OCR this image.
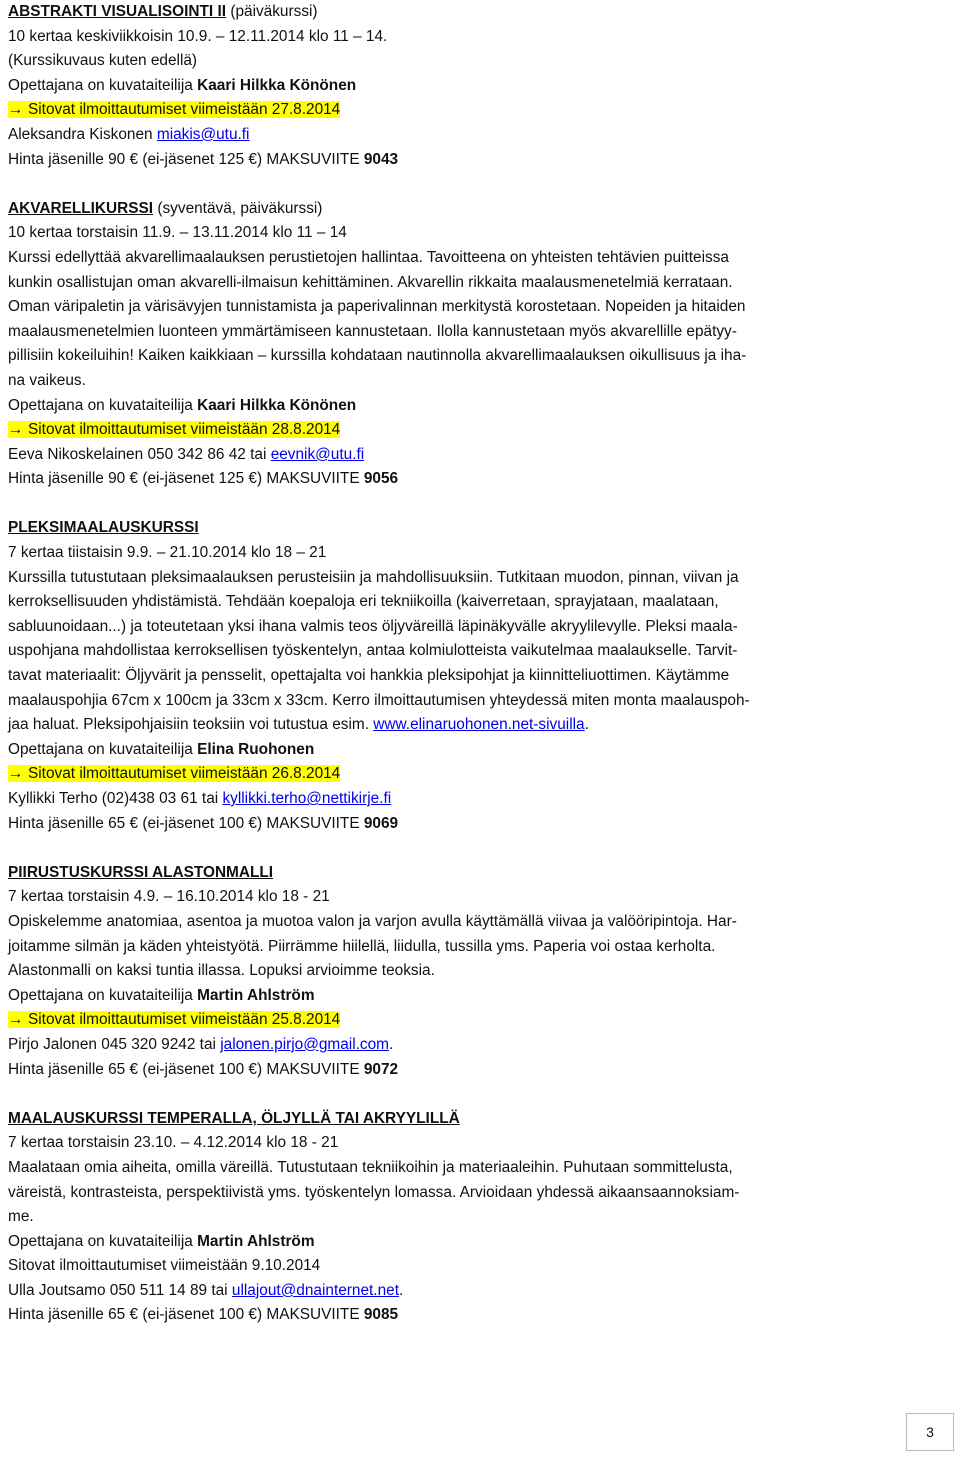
ABSTRAKTI VISUALISOINTI II (päiväkurssi)
10 kertaa keskiviikkoisin 10.9. – 12.11.2014 klo 11 – 14.
(Kurssikuvaus kuten edellä)
Opettajana on kuvataiteilija Kaari Hilkka Könönen
→ Sitovat ilmoittautumiset viimeistään 27.8.2014
Aleksandra Kiskonen miakis@utu.fi
Hinta jäsenille 90 € (ei-jäsenet 125 €) MAKSUVIITE 9043
AKVARELLIKURSSI (syventävä, päiväkurssi)
10 kertaa torstaisin 11.9. – 13.11.2014 klo 11 – 14
Kurssi edellyttää akvarellimaalauksen perustietojen hallintaa. Tavoitteena on yhteisten tehtävien puitteissa
kunkin osallistujan oman akvarelli-ilmaisun kehittäminen. Akvarellin rikkaita maalausmenetelmiä kerrataan.
Oman väripaletin ja värisävyjen tunnistamista ja paperivalinnan merkitystä korostetaan. Nopeiden ja hitaiden
maalausmenetelmien luonteen ymmärtämiseen kannustetaan. Ilolla kannustetaan myös akvarellille epätyy-
pillisiin kokeiluihin! Kaiken kaikkiaan – kurssilla kohdataan nautinnolla akvarellimaalauksen oikullisuus ja iha-
na vaikeus.
Opettajana on kuvataiteilija Kaari Hilkka Könönen
→ Sitovat ilmoittautumiset viimeistään 28.8.2014
Eeva Nikoskelainen 050 342 86 42 tai eevnik@utu.fi
Hinta jäsenille 90 € (ei-jäsenet 125 €) MAKSUVIITE 9056
PLEKSIMAALAUSKURSSI
7 kertaa tiistaisin 9.9. – 21.10.2014 klo 18 – 21
Kurssilla tutustutaan pleksimaalauksen perusteisiin ja mahdollisuuksiin. Tutkitaan muodon, pinnan, viivan ja
kerroksellisuuden yhdistämistä. Tehdään koepaloja eri tekniikoilla (kaiverretaan, sprayjataan, maalataan,
sabluunoidaan...) ja toteutetaan yksi ihana valmis teos öljyväreillä läpinäkyvälle akryylilevylle. Pleksi maala-
uspohjana mahdollistaa kerroksellisen työskentelyn, antaa kolmiulotteista vaikutelmaa maalaukselle. Tarvit-
tavat materiaalit: Öljyvärit ja pensselit, opettajalta voi hankkia pleksipohjat ja kiinnitteliuottimen. Käytämme
maalauspohjia 67cm x 100cm ja 33cm x 33cm. Kerro ilmoittautumisen yhteydessä miten monta maalauspoh-
jaa haluat. Pleksipohjaisiin teoksiin voi tutustua esim. www.elinaruohonen.net-sivuilla.
Opettajana on kuvataiteilija Elina Ruohonen
→ Sitovat ilmoittautumiset viimeistään 26.8.2014
Kyllikki Terho (02)438 03 61 tai kyllikki.terho@nettikirje.fi
Hinta jäsenille 65 € (ei-jäsenet 100 €) MAKSUVIITE 9069
PIIRUSTUSKURSSI ALASTONMALLI
7 kertaa torstaisin 4.9. – 16.10.2014 klo 18 - 21
Opiskelemme anatomiaa, asentoa ja muotoa valon ja varjon avulla käyttämällä viivaa ja valööripintoja. Har-
joitamme silmän ja käden yhteistyötä. Piirrämme hiilellä, liidulla, tussilla yms. Paperia voi ostaa kerholta.
Alastonmalli on kaksi tuntia illassa. Lopuksi arvioimme teoksia.
Opettajana on kuvataiteilija Martin Ahlström
→ Sitovat ilmoittautumiset viimeistään 25.8.2014
Pirjo Jalonen 045 320 9242 tai jalonen.pirjo@gmail.com.
Hinta jäsenille 65 € (ei-jäsenet 100 €) MAKSUVIITE 9072
MAALAUSKURSSI TEMPERALLA, ÖLJYLLÄ TAI AKRYYLILLÄ
7 kertaa torstaisin 23.10. – 4.12.2014 klo 18 - 21
Maalataan omia aiheita, omilla väreillä. Tutustutaan tekniikoihin ja materiaaleihin. Puhutaan sommittelusta,
väreistä, kontrasteista, perspektiivistä yms. työskentelyn lomassa. Arvioidaan yhdessä aikaansaannoksiam-
me.
Opettajana on kuvataiteilija Martin Ahlström
Sitovat ilmoittautumiset viimeistään 9.10.2014
Ulla Joutsamo 050 511 14 89 tai ullajout@dnainternet.net.
Hinta jäsenille 65 € (ei-jäsenet 100 €) MAKSUVIITE 9085
3
